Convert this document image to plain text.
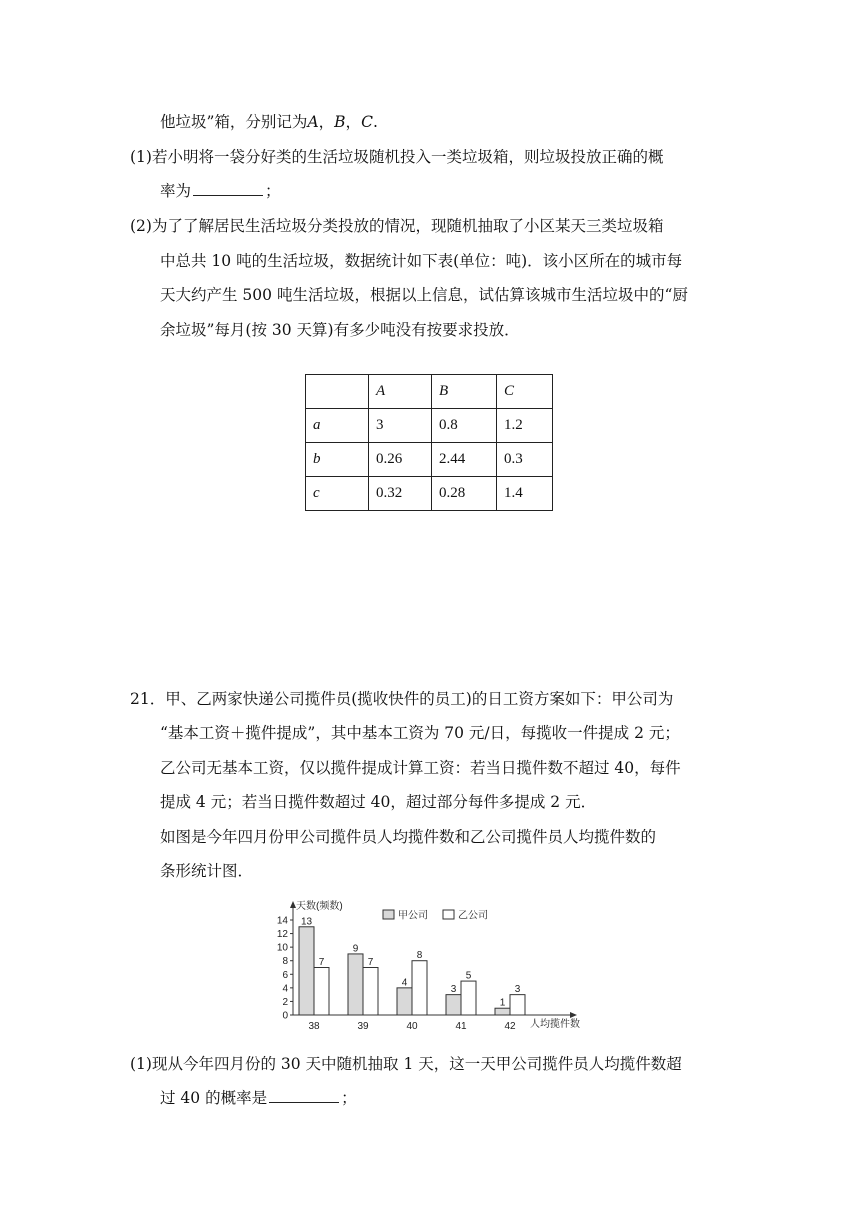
他垃圾”箱，分别记为A，B，C.
(1)若小明将一袋分好类的生活垃圾随机投入一类垃圾箱，则垃圾投放正确的概
率为	；
(2)为了了解居民生活垃圾分类投放的情况，现随机抽取了小区某天三类垃圾箱
中总共 10 吨的生活垃圾，数据统计如下表(单位：吨)．该小区所在的城市每
天大约产生 500 吨生活垃圾，根据以上信息，试估算该城市生活垃圾中的“厨
余垃圾”每月(按 30 天算)有多少吨没有按要求投放．
	A	B	C
a	3	0.8	1.2
b	0.26	2.44	0.3
c	0.32	0.28	1.4
21．甲、乙两家快递公司揽件员(揽收快件的员工)的日工资方案如下：甲公司为
“基本工资＋揽件提成”，其中基本工资为 70 元/日，每揽收一件提成 2 元；
乙公司无基本工资，仅以揽件提成计算工资：若当日揽件数不超过 40，每件
提成 4 元；若当日揽件数超过 40，超过部分每件多提成 2 元．
如图是今年四月份甲公司揽件员人均揽件数和乙公司揽件员人均揽件数的
条形统计图．
0
2
4
6
8
10
12
14
天数(频数)
人均揽件数
13
7
38
9
7
39
4
8
40
3
5
41
1
3
42
甲公司	乙公司
(1)现从今年四月份的 30 天中随机抽取 1 天，这一天甲公司揽件员人均揽件数超
过 40 的概率是	；
